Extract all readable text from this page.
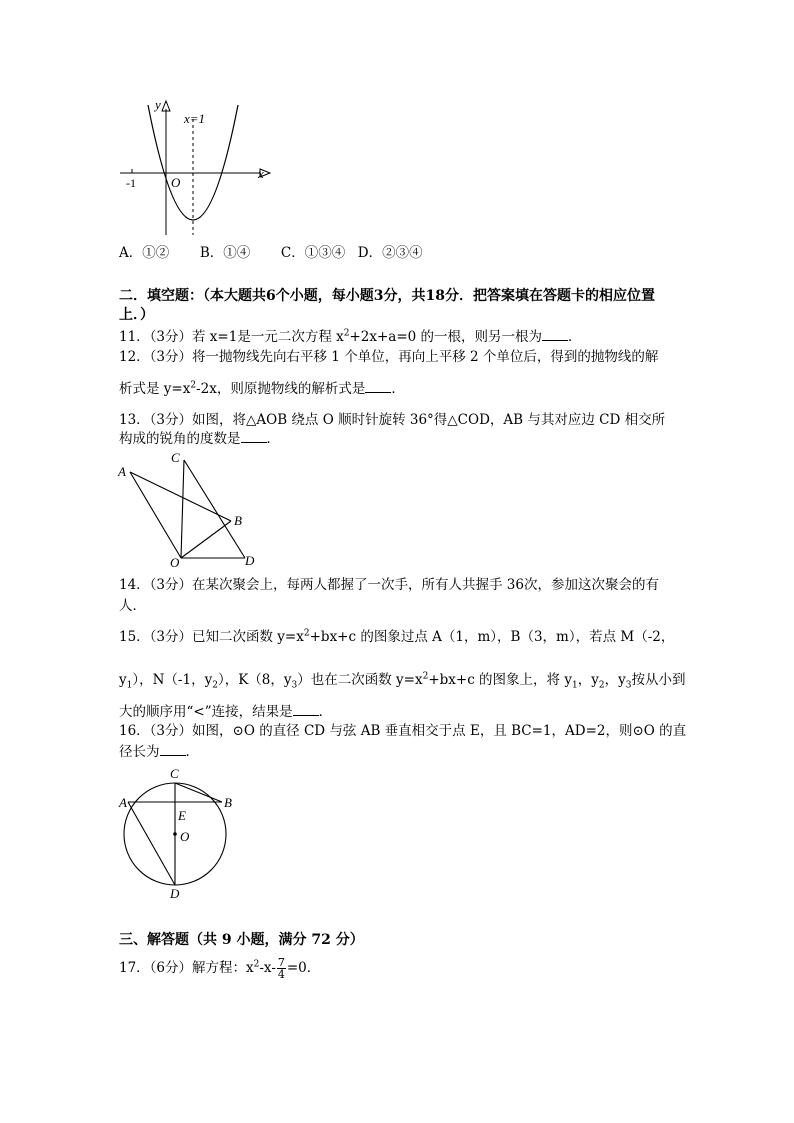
y
x
x=1
O
-1
A．①② B．①④ C．①③④ D．②③④
二．填空题：（本大题共6个小题，每小题3分，共18分．把答案填在答题卡的相应位置
上．）
11．（3分）若 x=1是一元二次方程 $x^2+2x+a=0$ 的一根，则另一根为 ．
12．（3分）将一抛物线先向右平移 1 个单位，再向上平移 2 个单位后，得到的抛物线的解
析式是 $y=x^2-2x$，则原抛物线的解析式是 ．
13．（3分）如图，将△AOB 绕点 O 顺时针旋转 36°得△COD，AB 与其对应边 CD 相交所
构成的锐角的度数是 ．
A
B
C
D
O
14．（3分）在某次聚会上，每两人都握了一次手，所有人共握手 36次，参加这次聚会的有
人．
15．（3分）已知二次函数 $y=x^2+bx+c$ 的图象过点 A（1，m），B（3，m），若点 M（-2，
$y_1$），N（-1，$y_2$），K（8，$y_3$）也在二次函数 $y=x^2+bx+c$ 的图象上，将 $y_1$，$y_2$，$y_3$按从小到
大的顺序用“<”连接，结果是 ．
16．（3分）如图，⊙O 的直径 CD 与弦 AB 垂直相交于点 E，且 BC=1，AD=2，则⊙O 的直
径长为 ．
A	B
C
D
E
O
三、解答题（共 9 小题，满分 72 分）
17．（6分）解方程：$x^2-x- \frac{7}{4} =0$．
